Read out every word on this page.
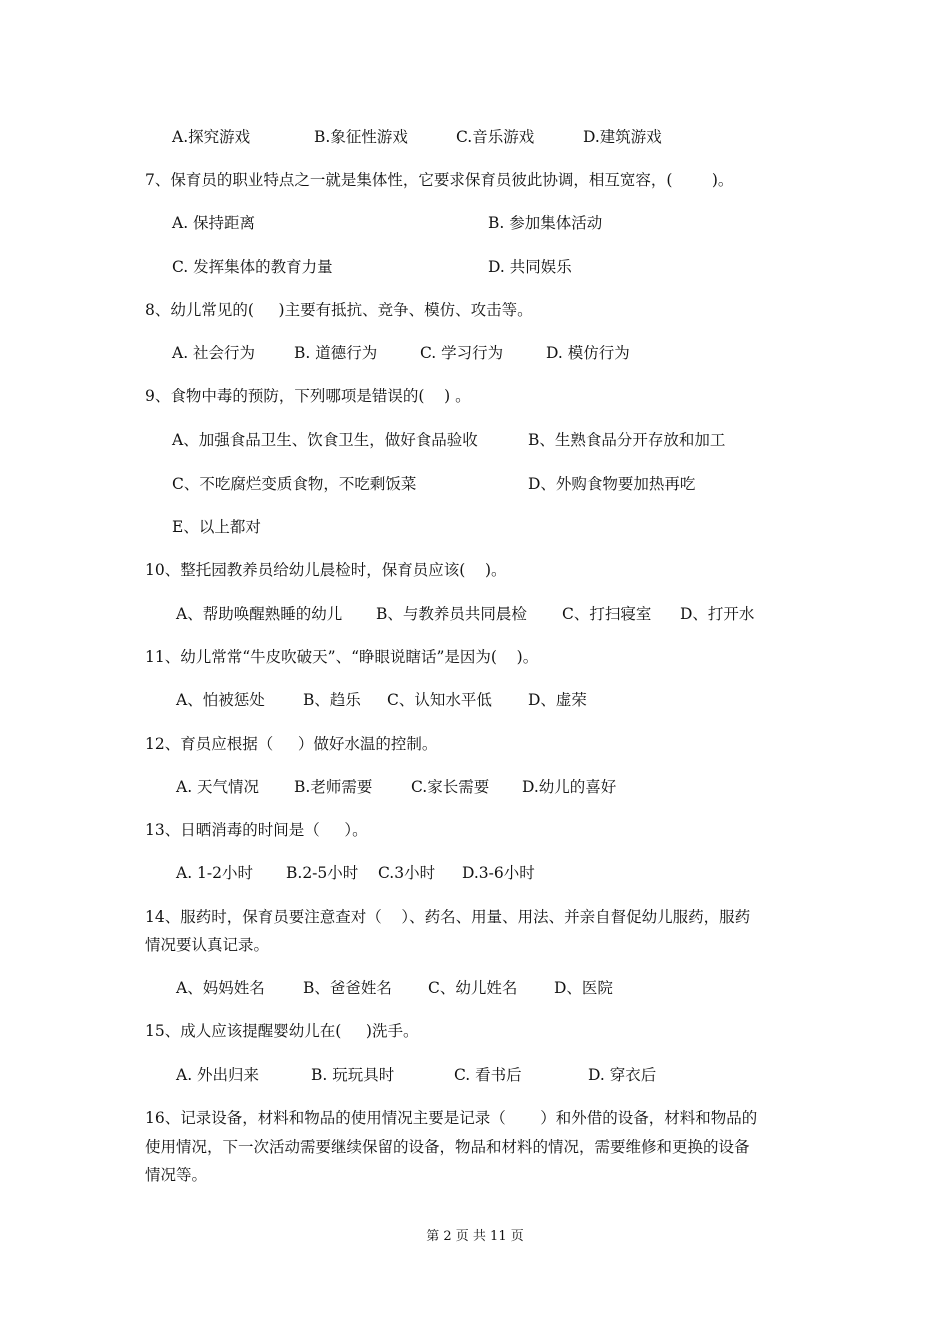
A.探究游戏	B.象征性游戏	C.音乐游戏	D.建筑游戏
7、保育员的职业特点之一就是集体性，它要求保育员彼此协调，相互宽容，(        )。
A. 保持距离	B. 参加集体活动
C. 发挥集体的教育力量	D. 共同娱乐
8、幼儿常见的(     )主要有抵抗、竞争、模仿、攻击等。
A. 社会行为	B. 道德行为	C. 学习行为	D. 模仿行为
9、食物中毒的预防，下列哪项是错误的(    ) 。
A、加强食品卫生、饮食卫生，做好食品验收	B、生熟食品分开存放和加工
C、不吃腐烂变质食物，不吃剩饭菜	D、外购食物要加热再吃
E、以上都对
10、整托园教养员给幼儿晨检时，保育员应该(    )。
A、帮助唤醒熟睡的幼儿 B、与教养员共同晨检 C、打扫寝室 D、打开水
11、幼儿常常“牛皮吹破天”、“睁眼说瞎话”是因为(    )。
A、怕被惩处 B、趋乐 C、认知水平低 D、虚荣
12、育员应根据（     ）做好水温的控制。
A. 天气情况 B.老师需要 C.家长需要 D.幼儿的喜好
13、日晒消毒的时间是（     ）。
A. 1-2小时 B.2-5小时 C.3小时 D.3-6小时
14、服药时，保育员要注意查对（    ）、药名、用量、用法、并亲自督促幼儿服药，服药
情况要认真记录。
A、妈妈姓名 B、爸爸姓名 C、幼儿姓名 D、医院
15、成人应该提醒婴幼儿在(     )洗手。
A. 外出归来	B. 玩玩具时	C. 看书后	D. 穿衣后
16、记录设备，材料和物品的使用情况主要是记录（       ）和外借的设备，材料和物品的
使用情况，下一次活动需要继续保留的设备，物品和材料的情况，需要维修和更换的设备
情况等。
第 2 页 共 11 页
